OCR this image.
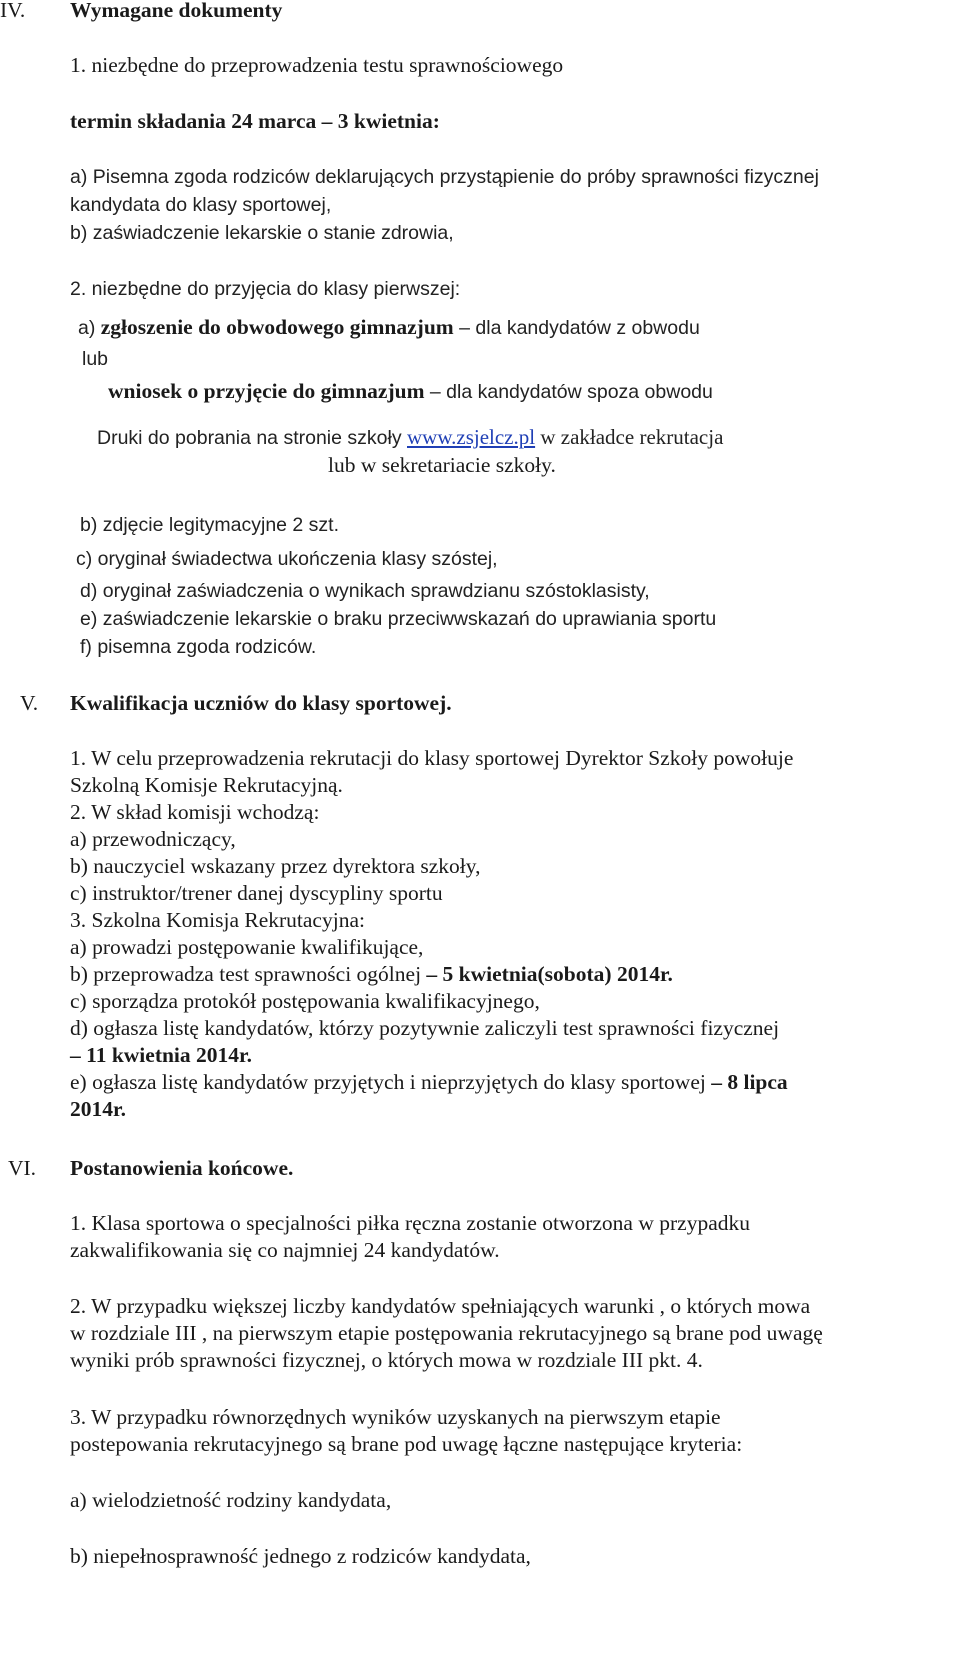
IV. Wymagane dokumenty
1. niezbędne do przeprowadzenia testu sprawnościowego
termin składania 24 marca – 3 kwietnia:
a) Pisemna zgoda rodziców deklarujących przystąpienie do próby sprawności fizycznej
kandydata do klasy sportowej,
b) zaświadczenie lekarskie o stanie zdrowia,
2. niezbędne do przyjęcia do klasy pierwszej:
a) zgłoszenie do obwodowego gimnazjum – dla kandydatów z obwodu
lub
wniosek o przyjęcie do gimnazjum – dla kandydatów spoza obwodu
Druki do pobrania na stronie szkoły www.zsjelcz.pl w zakładce rekrutacja
lub w sekretariacie szkoły.
b) zdjęcie legitymacyjne 2 szt.
c) oryginał świadectwa ukończenia klasy szóstej,
d) oryginał zaświadczenia o wynikach sprawdzianu szóstoklasisty,
e) zaświadczenie lekarskie o braku przeciwwskazań do uprawiania sportu
f) pisemna zgoda rodziców.
V. Kwalifikacja uczniów do klasy sportowej.
1. W celu przeprowadzenia rekrutacji do klasy sportowej Dyrektor Szkoły powołuje
Szkolną Komisje Rekrutacyjną.
2. W skład komisji wchodzą:
a) przewodniczący,
b) nauczyciel wskazany przez dyrektora szkoły,
c) instruktor/trener danej dyscypliny sportu
3. Szkolna Komisja Rekrutacyjna:
a) prowadzi postępowanie kwalifikujące,
b) przeprowadza test sprawności ogólnej – 5 kwietnia(sobota) 2014r.
c) sporządza protokół postępowania kwalifikacyjnego,
d) ogłasza listę kandydatów, którzy pozytywnie zaliczyli test sprawności fizycznej
– 11 kwietnia 2014r.
e) ogłasza listę kandydatów przyjętych i nieprzyjętych do klasy sportowej – 8 lipca
2014r.
VI. Postanowienia końcowe.
1. Klasa sportowa o specjalności piłka ręczna zostanie otworzona w przypadku
zakwalifikowania się co najmniej 24 kandydatów.
2. W przypadku większej liczby kandydatów spełniających warunki , o których mowa
w rozdziale III , na pierwszym etapie postępowania rekrutacyjnego są brane pod uwagę
wyniki prób sprawności fizycznej, o których mowa w rozdziale III pkt. 4.
3. W przypadku równorzędnych wyników uzyskanych na pierwszym etapie
postepowania rekrutacyjnego są brane pod uwagę łączne następujące kryteria:
a) wielodzietność rodziny kandydata,
b) niepełnosprawność jednego z rodziców kandydata,
